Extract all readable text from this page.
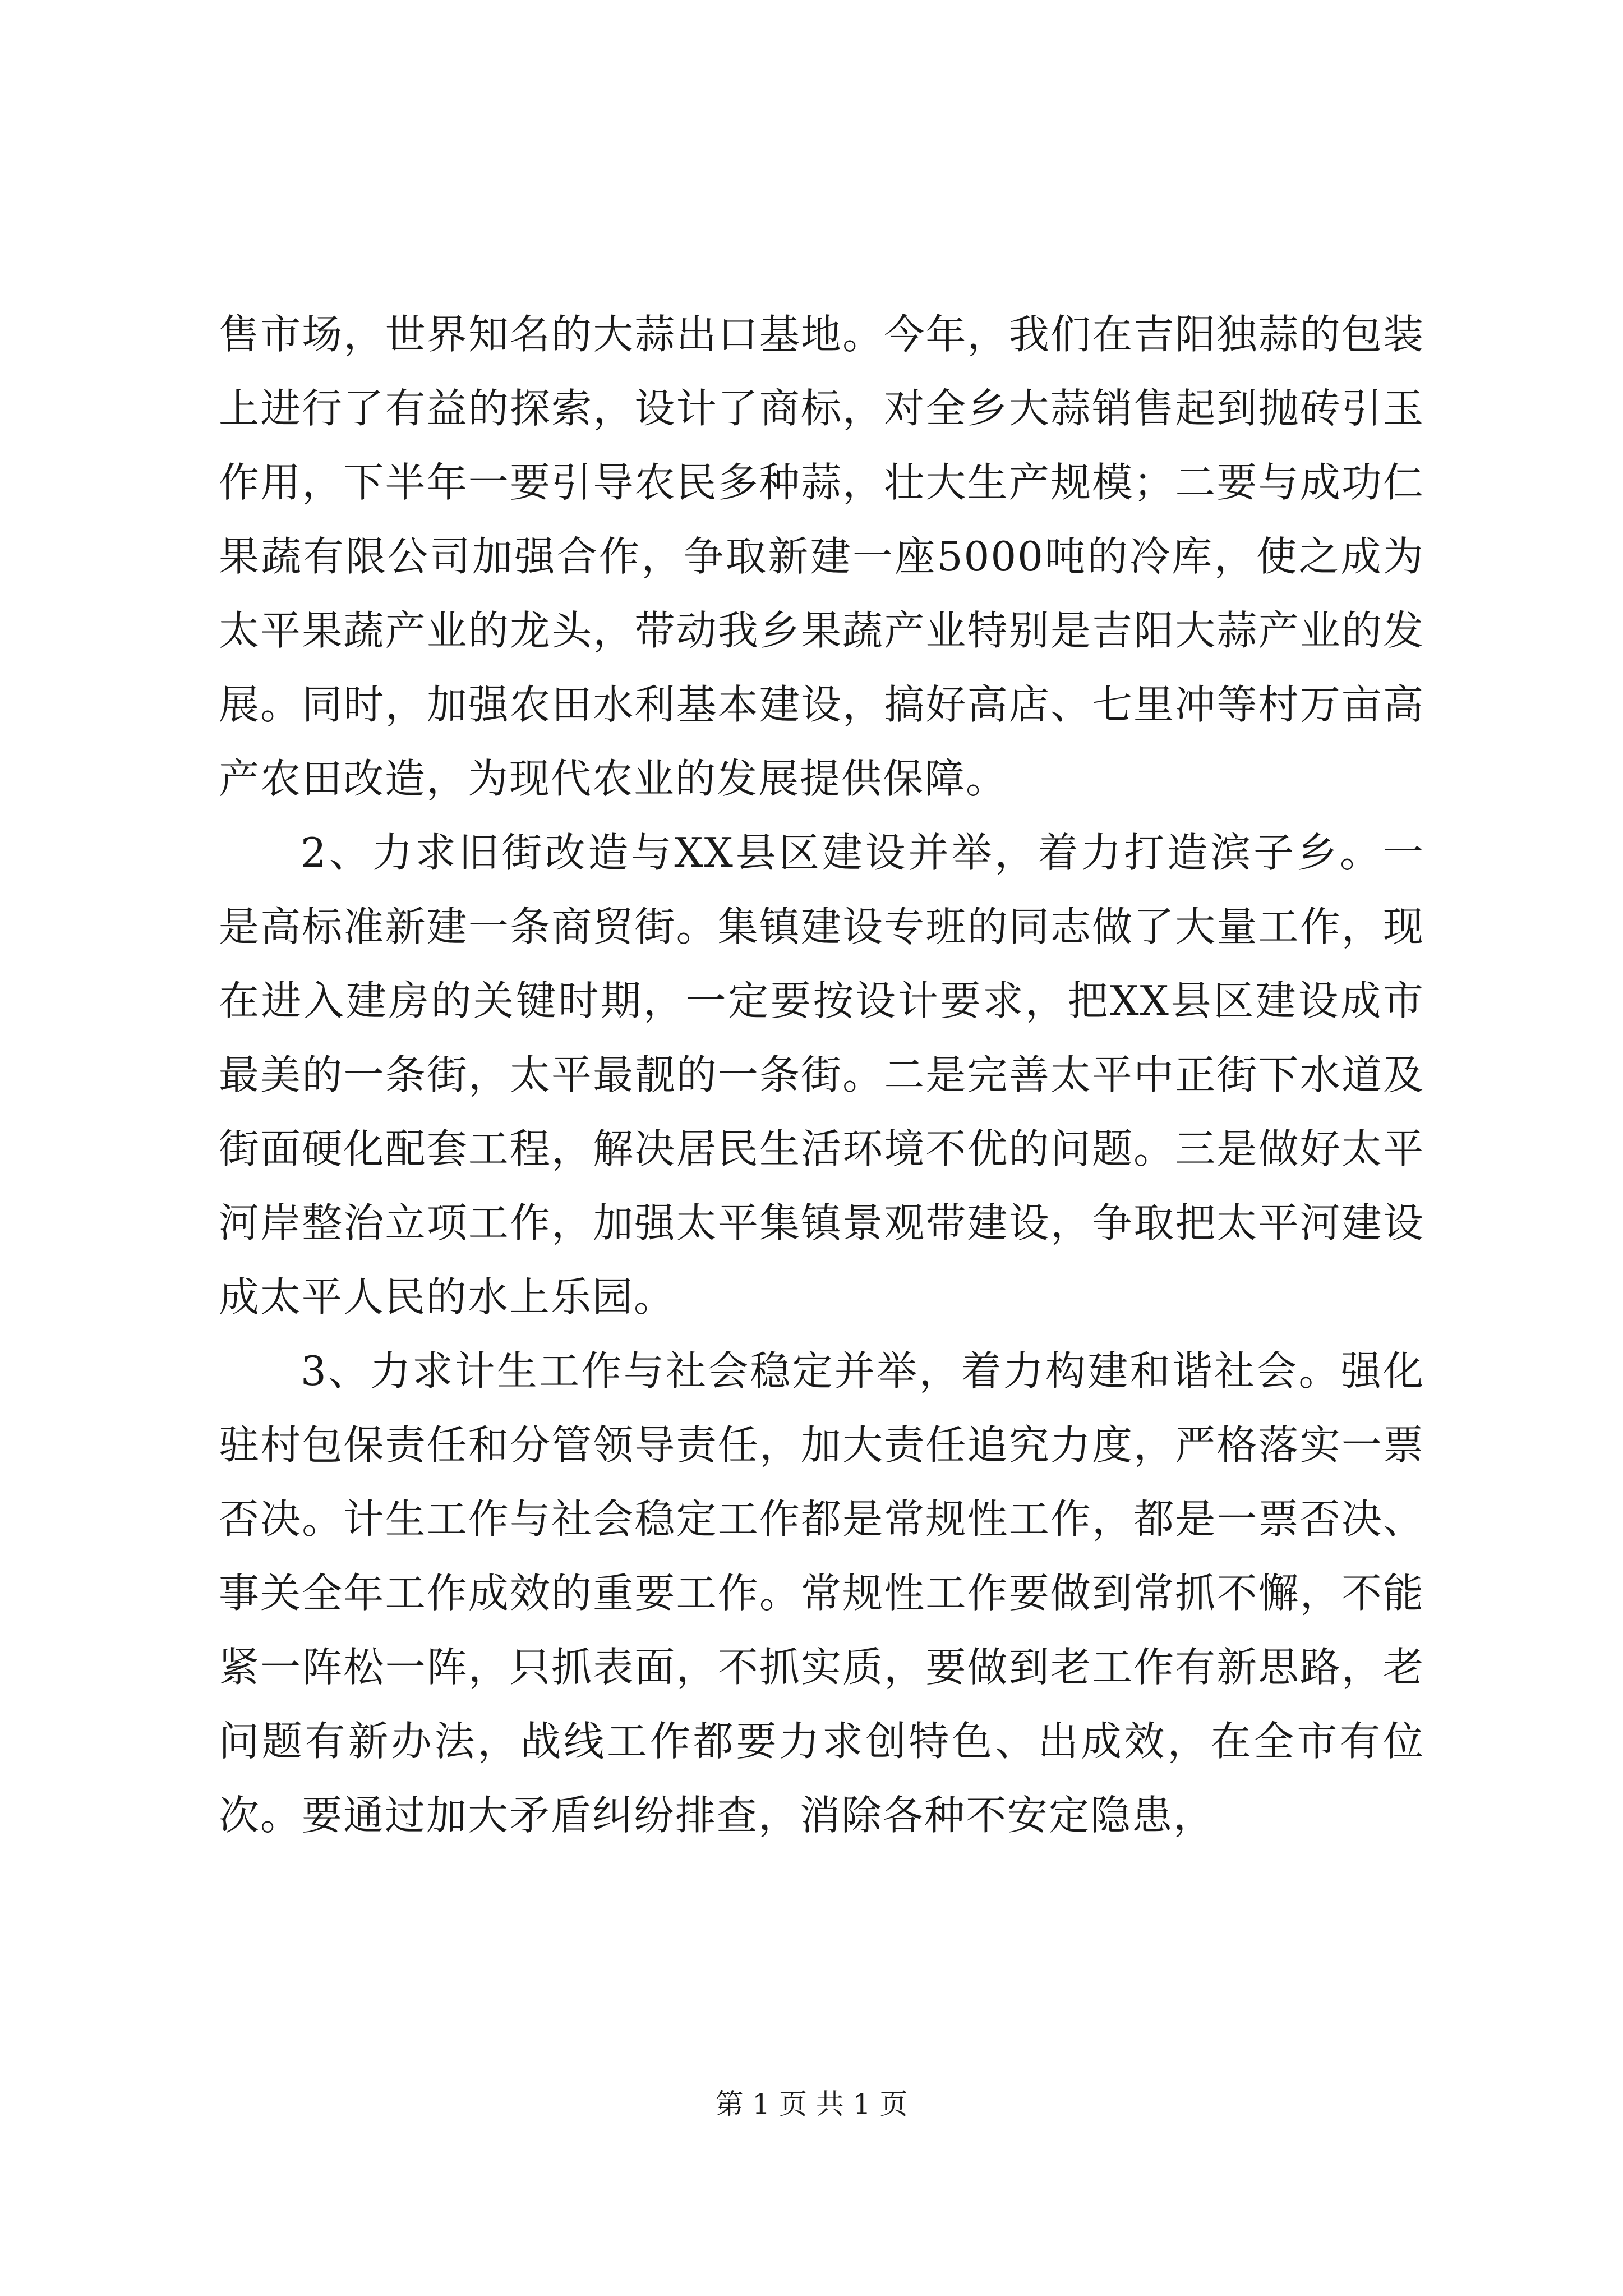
售市场，世界知名的大蒜出口基地。今年，我们在吉阳独蒜的包装上进行了有益的探索，设计了商标，对全乡大蒜销售起到抛砖引玉作用，下半年一要引导农民多种蒜，壮大生产规模；二要与成功仁果蔬有限公司加强合作，争取新建一座5000吨的冷库，使之成为太平果蔬产业的龙头，带动我乡果蔬产业特别是吉阳大蒜产业的发展。同时，加强农田水利基本建设，搞好高店、七里冲等村万亩高产农田改造，为现代农业的发展提供保障。

2、力求旧街改造与XX县区建设并举，着力打造滨子乡。一是高标准新建一条商贸街。集镇建设专班的同志做了大量工作，现在进入建房的关键时期，一定要按设计要求，把XX县区建设成市最美的一条街，太平最靓的一条街。二是完善太平中正街下水道及街面硬化配套工程，解决居民生活环境不优的问题。三是做好太平河岸整治立项工作，加强太平集镇景观带建设，争取把太平河建设成太平人民的水上乐园。

3、力求计生工作与社会稳定并举，着力构建和谐社会。强化驻村包保责任和分管领导责任，加大责任追究力度，严格落实一票否决。计生工作与社会稳定工作都是常规性工作，都是一票否决、事关全年工作成效的重要工作。常规性工作要做到常抓不懈，不能紧一阵松一阵，只抓表面，不抓实质，要做到老工作有新思路，老问题有新办法，战线工作都要力求创特色、出成效，在全市有位次。要通过加大矛盾纠纷排查，消除各种不安定隐患，

第 1 页 共 1 页
